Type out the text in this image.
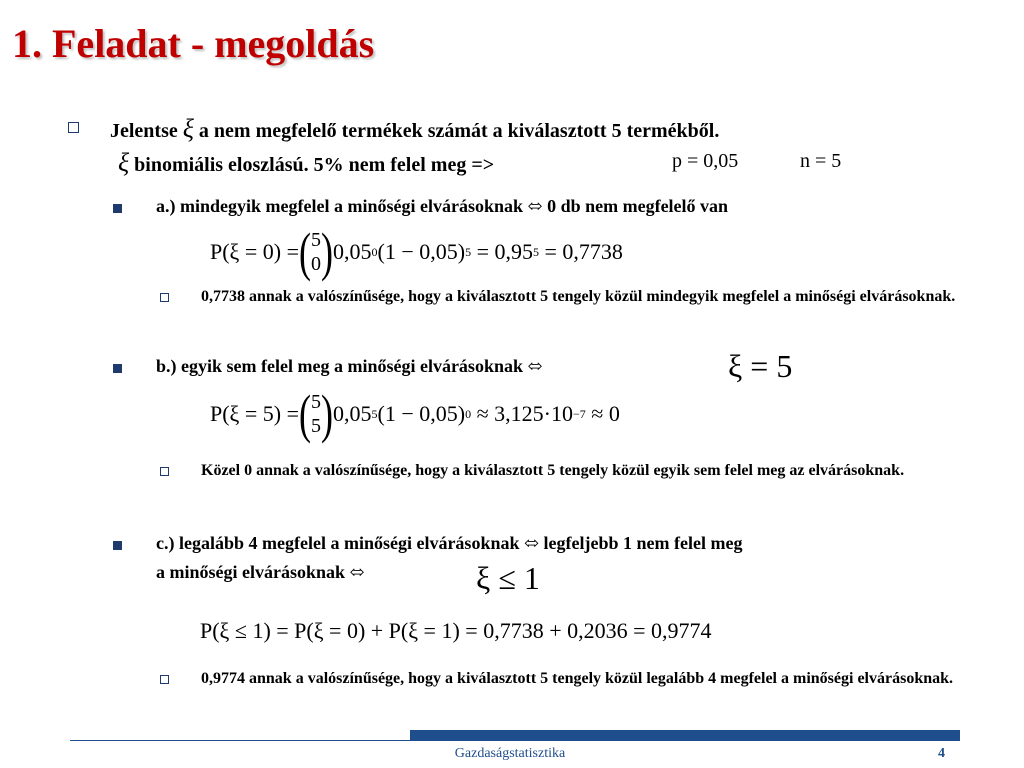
1. Feladat - megoldás
Jelentse ξ a nem megfelelő termékek számát a kiválasztott 5 termékből.
ξ binomiális eloszlású. 5% nem felel meg =>	p = 0,05	n = 5
a.) mindegyik megfelel a minőségi elvárásoknak ⬄ 0 db nem megfelelő van
P(ξ = 0) = ( 5
0 ) 0,05 0 (1 − 0,05) 5
= 0,95 5
= 0,7738
0,7738 annak a valószínűsége, hogy a kiválasztott 5 tengely közül mindegyik megfelel a minőségi elvárásoknak.
b.) egyik sem felel meg a minőségi elvárásoknak ⬄	ξ = 5
P(ξ = 5) = ( 5
5 ) 0,05 5 (1 − 0,05) 0
≈ 3,125·10 −7
≈ 0
Közel 0 annak a valószínűsége, hogy a kiválasztott 5 tengely közül egyik sem felel meg az elvárásoknak.
c.) legalább 4 megfelel a minőségi elvárásoknak ⬄ legfeljebb 1 nem felel meg
a minőségi elvárásoknak ⬄	ξ ≤ 1
P(ξ ≤ 1) = P(ξ = 0) + P(ξ = 1) = 0,7738 + 0,2036 = 0,9774
0,9774 annak a valószínűsége, hogy a kiválasztott 5 tengely közül legalább 4 megfelel a minőségi elvárásoknak.
Gazdaságstatisztika	4
